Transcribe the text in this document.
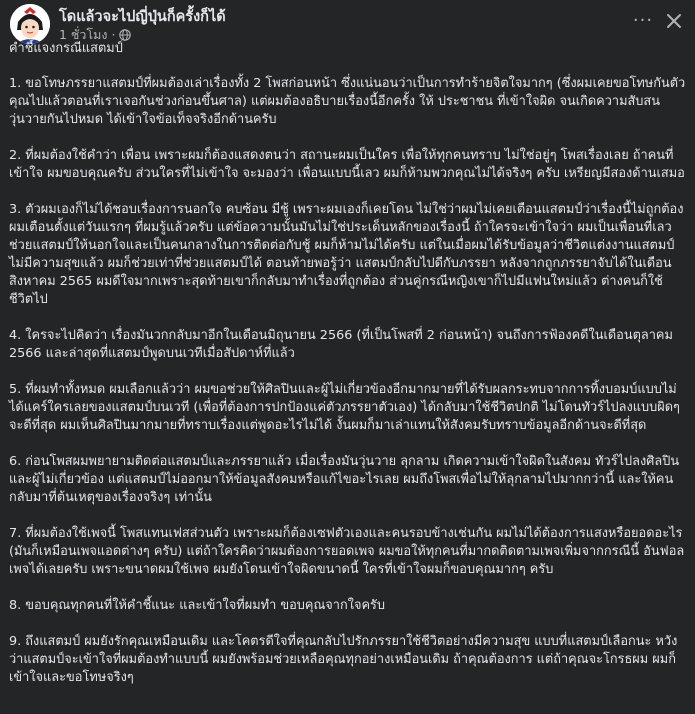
โดแล้วจะไปญี่ปุ่นก็ครั้งก็ได้
1 ชั่วโมง ·
···

คำชี้แจงกรณีแสตมป์

1. ขอโทษภรรยาแสตมป์ที่ผมต้องเล่าเรื่องทั้ง 2 โพสก่อนหน้า ซึ่งแน่นอนว่าเป็นการทำร้ายจิตใจมากๆ (ซึ่งผมเคยขอโทษกันตัวคุณไปแล้วตอนที่เราเจอกันช่วงก่อนขึ้นศาล) แต่ผมต้องอธิบายเรื่องนี้อีกครั้ง ให้ ประชาชน ที่เข้าใจผิด จนเกิดความสับสนวุ่นวายกันไปหมด ได้เข้าใจข้อเท็จจริงอีกด้านครับ

2. ที่ผมต้องใช้คำว่า เพื่อน เพราะผมก็ต้องแสดงตนว่า สถานะผมเป็นใคร เพื่อให้ทุกคนทราบ ไม่ใช่อยู่ๆ โพสเรื่องเลย ถ้าคนที่เข้าใจ ผมขอบคุณครับ ส่วนใครที่ไม่เข้าใจ จะมองว่า เพื่อนแบบนี้เลว ผมก็ห้ามพวกคุณไม่ได้จริงๆ ครับ เหรียญมีสองด้านเสมอ

3. ตัวผมเองก็ไม่ได้ชอบเรื่องการนอกใจ คบซ้อน มีชู้ เพราะผมเองก็เคยโดน ไม่ใช่ว่าผมไม่เคยเตือนแสตมป์ว่าเรื่องนี้ไม่ถูกต้อง ผมเตือนตั้งแต่วันแรกๆ ที่ผมรู้แล้วครับ แต่ข้อความนั้นมันไม่ใช่ประเด็นหลักของเรื่องนี้ ถ้าใครจะเข้าใจว่า ผมเป็นเพื่อนที่เลว ช่วยแสตมป์ให้นอกใจและเป็นคนกลางในการติดต่อกับชู้ ผมก็ห้ามไม่ได้ครับ แต่ในเมื่อผมได้รับข้อมูลว่าชีวิตแต่งงานแสตมป์ไม่มีความสุขแล้ว ผมก็ช่วยเท่าที่ช่วยแสตมป์ได้ ตอนท้ายพอรู้ว่า แสตมป์กลับไปดีกับภรรยา หลังจากถูกภรรยาจับได้ในเดือนสิงหาคม 2565 ผมดีใจมากเพราะสุดท้ายเขาก็กลับมาทำเรื่องที่ถูกต้อง ส่วนคู่กรณีหญิงเขาก็ไปมีแฟนใหม่แล้ว ต่างคนก็ใช้ชีวิตไป

4. ใครจะไปคิดว่า เรื่องมันวกกลับมาอีกในเดือนมิถุนายน 2566 (ที่เป็นโพสที่ 2 ก่อนหน้า) จนถึงการฟ้องคดีในเดือนตุลาคม 2566 และล่าสุดที่แสตมป์พูดบนเวทีเมื่อสัปดาห์ที่แล้ว

5. ที่ผมทำทั้งหมด ผมเลือกแล้วว่า ผมขอช่วยให้ศิลปินและผู้ไม่เกี่ยวข้องอีกมากมายที่ได้รับผลกระทบจากการทิ้งบอมบ์แบบไม่ได้แคร์ใครเลยของแสตมป์บนเวที (เพื่อที่ต้องการปกป้องแค่ตัวภรรยาตัวเอง) ได้กลับมาใช้ชีวิตปกติ ไม่โดนทัวร์ไปลงแบบผิดๆ จะดีที่สุด ผมเห็นศิลปินมากมายที่ทราบเรื่องแต่พูดอะไรไม่ได้ งั้นผมก็มาเล่าแทนให้สังคมรับทราบข้อมูลอีกด้านจะดีที่สุด

6. ก่อนโพสผมพยายามติดต่อแสตมป์และภรรยาแล้ว เมื่อเรื่องมันวุ่นวาย ลุกลาม เกิดความเข้าใจผิดในสังคม ทัวร์ไปลงศิลปินและผู้ไม่เกี่ยวข้อง แต่แสตมป์ไม่ออกมาให้ข้อมูลสังคมหรือแก้ไขอะไรเลย ผมถึงโพสเพื่อไม่ให้ลุกลามไปมากกว่านี้ และให้คนกลับมาที่ต้นเหตุของเรื่องจริงๆ เท่านั้น

7. ที่ผมต้องใช้เพจนี้ โพสแทนเฟสส่วนตัว เพราะผมก็ต้องเซฟตัวเองและคนรอบข้างเช่นกัน ผมไม่ได้ต้องการแสงหรือยอดอะไร (มันก็เหมือนเพจแอดต่างๆ ครับ) แต่ถ้าใครคิดว่าผมต้องการยอดเพจ ผมขอให้ทุกคนที่มากดติดตามเพจเพิ่มจากกรณีนี้ อันฟอลเพจได้เลยครับ เพราะขนาดผมใช้เพจ ผมยังโดนเข้าใจผิดขนาดนี้ ใครที่เข้าใจผมก็ขอบคุณมากๆ ครับ

8. ขอบคุณทุกคนที่ให้คำชี้แนะ และเข้าใจที่ผมทำ ขอบคุณจากใจครับ

9. ถึงแสตมป์ ผมยังรักคุณเหมือนเดิม และโคตรดีใจที่คุณกลับไปรักภรรยาใช้ชีวิตอย่างมีความสุข แบบที่แสตมป์เลือกนะ หวังว่าแสตมป์จะเข้าใจที่ผมต้องทำแบบนี้ ผมยังพร้อมช่วยเหลือคุณทุกอย่างเหมือนเดิม ถ้าคุณต้องการ แต่ถ้าคุณจะโกรธผม ผมก็เข้าใจและขอโทษจริงๆ
